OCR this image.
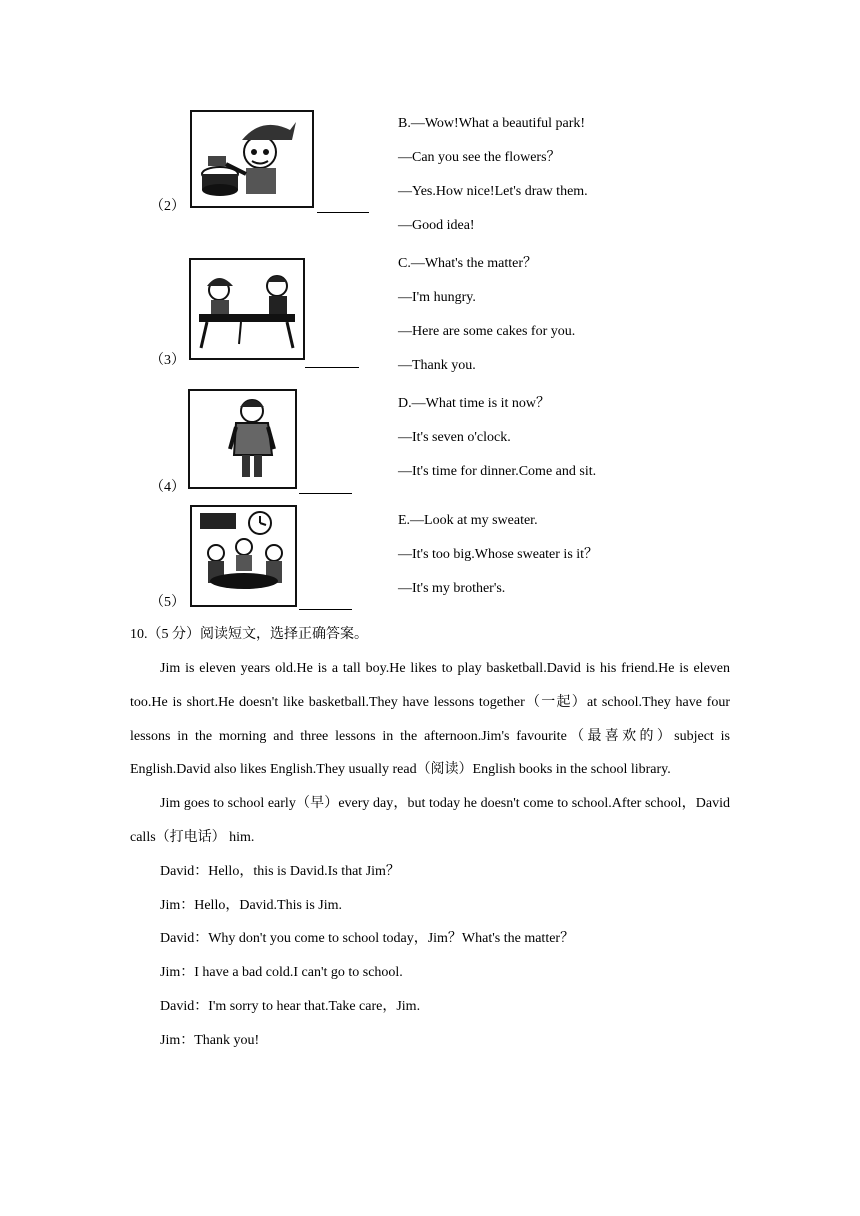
（2）
（3）
（4）
（5）
B.—Wow!What a beautiful park!
—Can you see the flowers？
—Yes.How nice!Let's draw them.
—Good idea!
C.—What's the matter？
—I'm hungry.
—Here are some cakes for you.
—Thank you.
D.—What time is it now？
—It's seven o'clock.
—It's time for dinner.Come and sit.
E.—Look at my sweater.
—It's too big.Whose sweater is it？
—It's my brother's.
10.（5 分）阅读短文，选择正确答案。

Jim is eleven years old.He is a tall boy.He likes to play basketball.David is his friend.He is eleven too.He is short.He doesn't like basketball.They have lessons together（一起）at school.They have four lessons in the morning and three lessons in the afternoon.Jim's favourite（最喜欢的）subject is English.David also likes English.They usually read（阅读）English books in the school library.

Jim goes to school early（早）every day，but today he doesn't come to school.After school，David calls（打电话） him.

David：Hello，this is David.Is that Jim？

Jim：Hello，David.This is Jim.

David：Why don't you come to school today，Jim？What's the matter？

Jim：I have a bad cold.I can't go to school.

David：I'm sorry to hear that.Take care，Jim.

Jim：Thank you!
